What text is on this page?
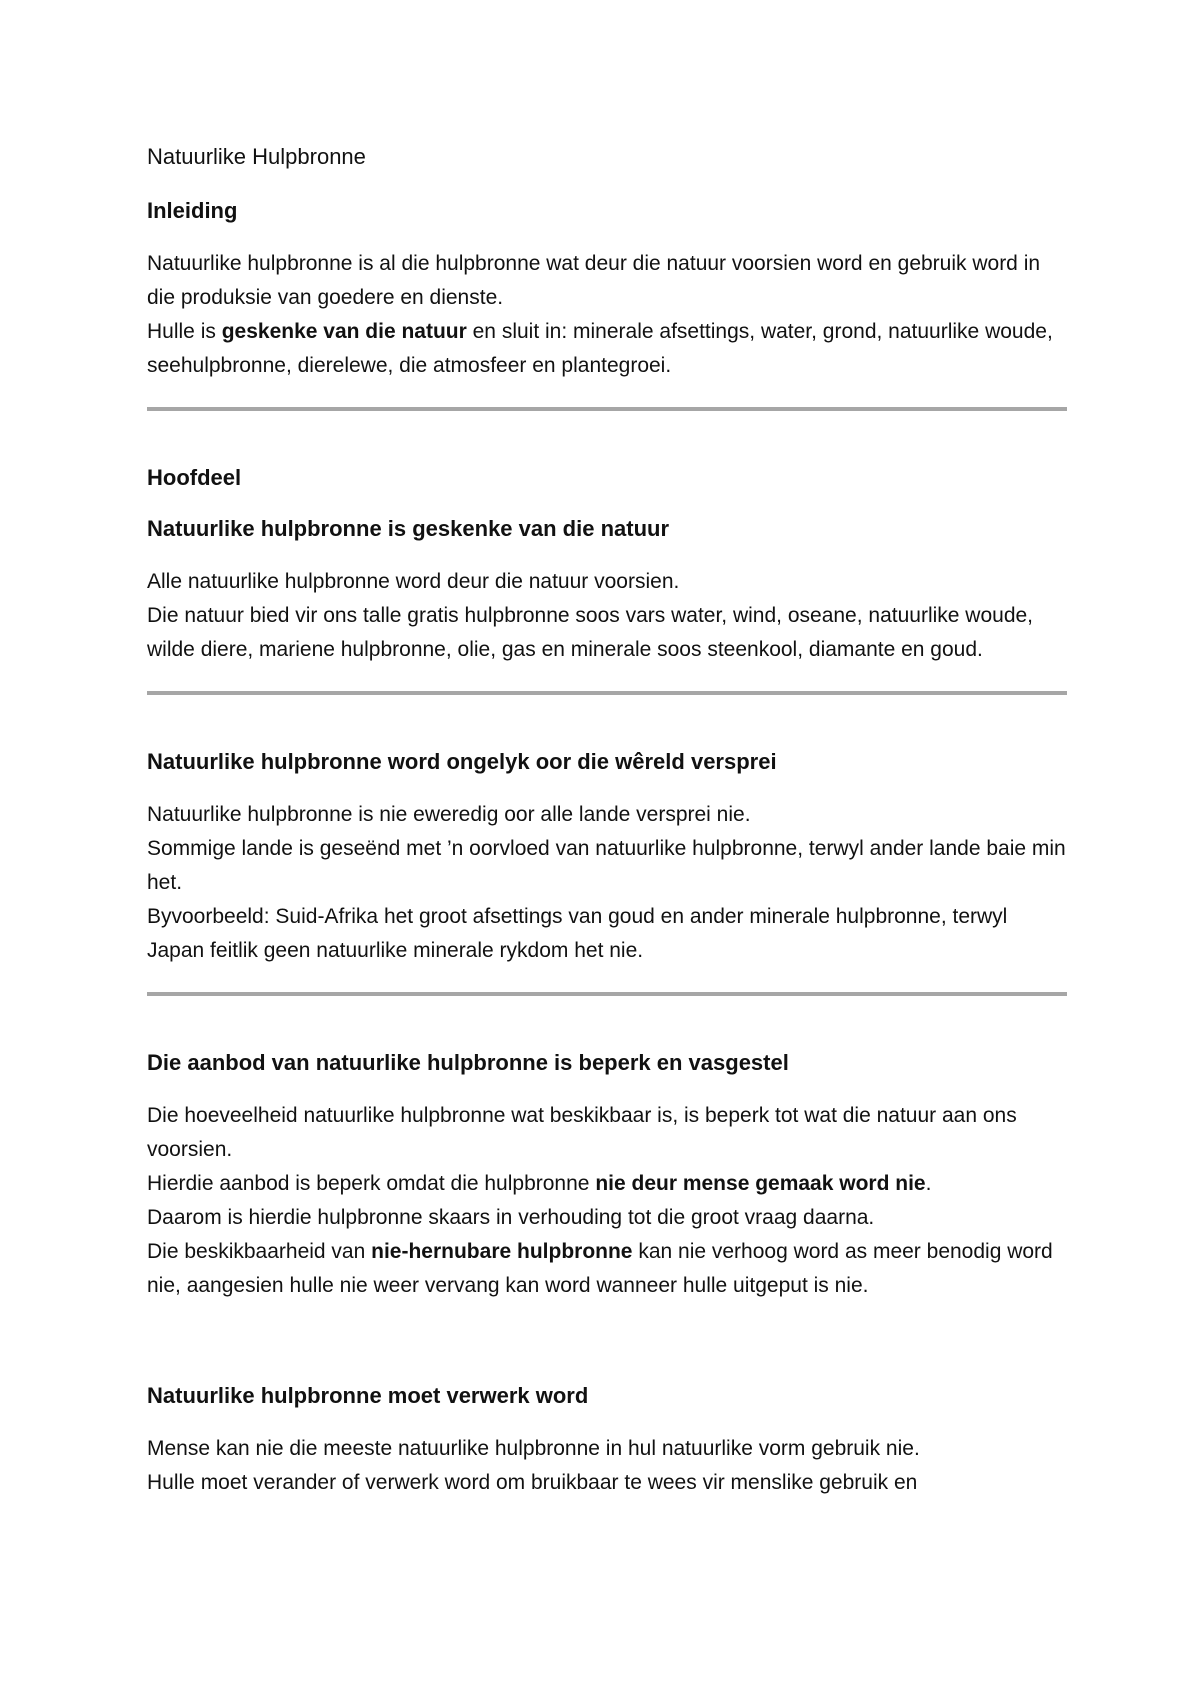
Natuurlike Hulpbronne
Inleiding

Natuurlike hulpbronne is al die hulpbronne wat deur die natuur voorsien word en gebruik word in die produksie van goedere en dienste.

Hulle is geskenke van die natuur en sluit in: minerale afsettings, water, grond, natuurlike woude, seehulpbronne, dierelewe, die atmosfeer en plantegroei.

Hoofdeel
Natuurlike hulpbronne is geskenke van die natuur

Alle natuurlike hulpbronne word deur die natuur voorsien.

Die natuur bied vir ons talle gratis hulpbronne soos vars water, wind, oseane, natuurlike woude, wilde diere, mariene hulpbronne, olie, gas en minerale soos steenkool, diamante en goud.

Natuurlike hulpbronne word ongelyk oor die wêreld versprei

Natuurlike hulpbronne is nie eweredig oor alle lande versprei nie.

Sommige lande is geseënd met ’n oorvloed van natuurlike hulpbronne, terwyl ander lande baie min het.

Byvoorbeeld: Suid-Afrika het groot afsettings van goud en ander minerale hulpbronne, terwyl Japan feitlik geen natuurlike minerale rykdom het nie.

Die aanbod van natuurlike hulpbronne is beperk en vasgestel

Die hoeveelheid natuurlike hulpbronne wat beskikbaar is, is beperk tot wat die natuur aan ons voorsien.

Hierdie aanbod is beperk omdat die hulpbronne nie deur mense gemaak word nie.

Daarom is hierdie hulpbronne skaars in verhouding tot die groot vraag daarna.

Die beskikbaarheid van nie-hernubare hulpbronne kan nie verhoog word as meer benodig word nie, aangesien hulle nie weer vervang kan word wanneer hulle uitgeput is nie.

Natuurlike hulpbronne moet verwerk word

Mense kan nie die meeste natuurlike hulpbronne in hul natuurlike vorm gebruik nie.

Hulle moet verander of verwerk word om bruikbaar te wees vir menslike gebruik en
